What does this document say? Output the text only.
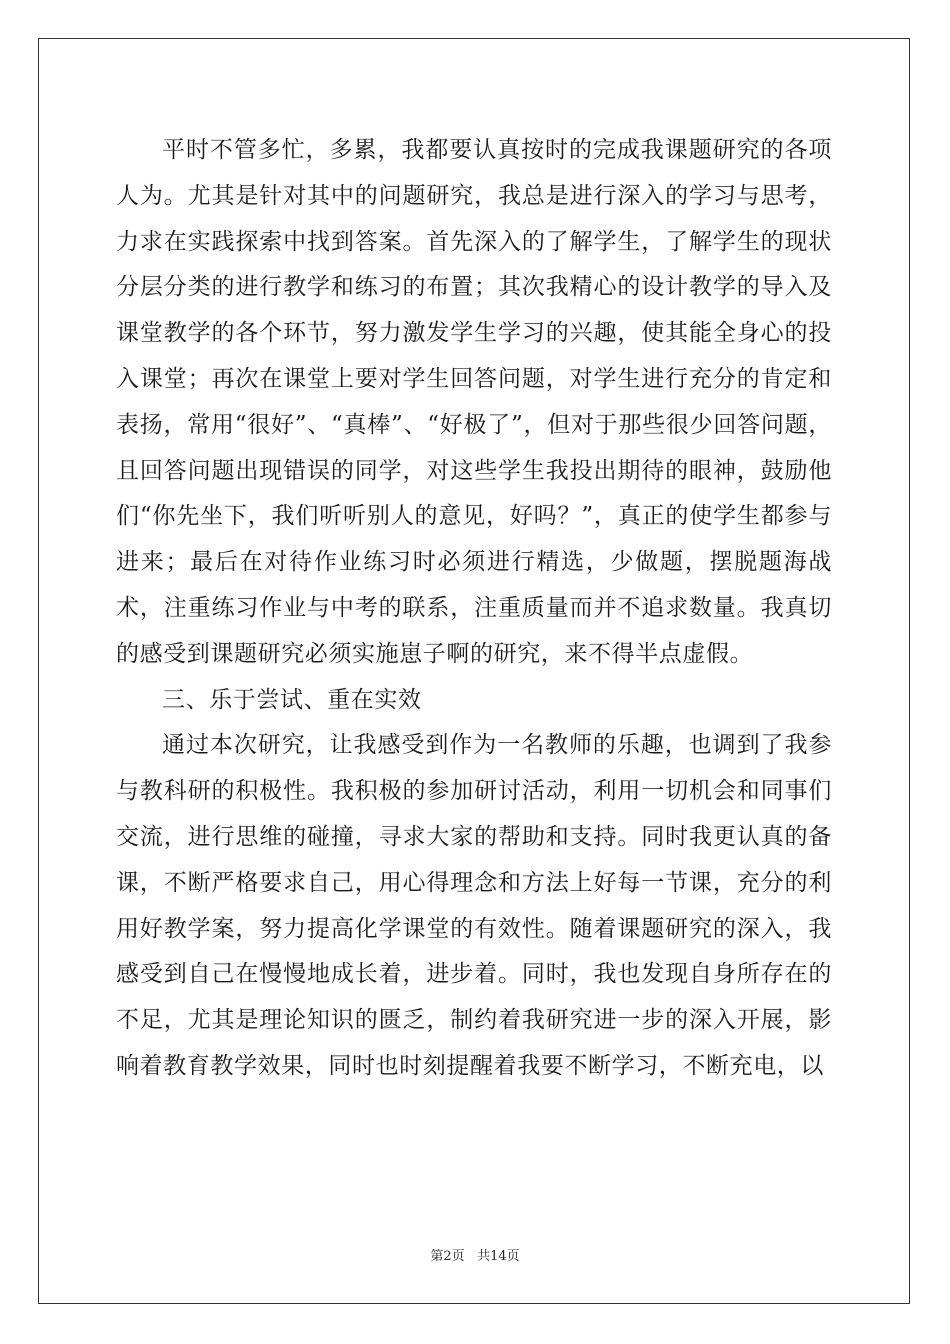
平时不管多忙，多累，我都要认真按时的完成我课题研究的各项人为。尤其是针对其中的问题研究，我总是进行深入的学习与思考，力求在实践探索中找到答案。首先深入的了解学生，了解学生的现状分层分类的进行教学和练习的布置；其次我精心的设计教学的导入及课堂教学的各个环节，努力激发学生学习的兴趣，使其能全身心的投入课堂；再次在课堂上要对学生回答问题，对学生进行充分的肯定和表扬，常用“很好”、“真棒”、“好极了”，但对于那些很少回答问题，且回答问题出现错误的同学，对这些学生我投出期待的眼神，鼓励他们“你先坐下，我们听听别人的意见，好吗？”，真正的使学生都参与进来；最后在对待作业练习时必须进行精选，少做题，摆脱题海战术，注重练习作业与中考的联系，注重质量而并不追求数量。我真切的感受到课题研究必须实施崽子啊的研究，来不得半点虚假。

三、乐于尝试、重在实效

通过本次研究，让我感受到作为一名教师的乐趣，也调到了我参与教科研的积极性。我积极的参加研讨活动，利用一切机会和同事们交流，进行思维的碰撞，寻求大家的帮助和支持。同时我更认真的备课，不断严格要求自己，用心得理念和方法上好每一节课，充分的利用好教学案，努力提高化学课堂的有效性。随着课题研究的深入，我感受到自己在慢慢地成长着，进步着。同时，我也发现自身所存在的不足，尤其是理论知识的匮乏，制约着我研究进一步的深入开展，影响着教育教学效果，同时也时刻提醒着我要不断学习，不断充电，以

第2页 共14页
